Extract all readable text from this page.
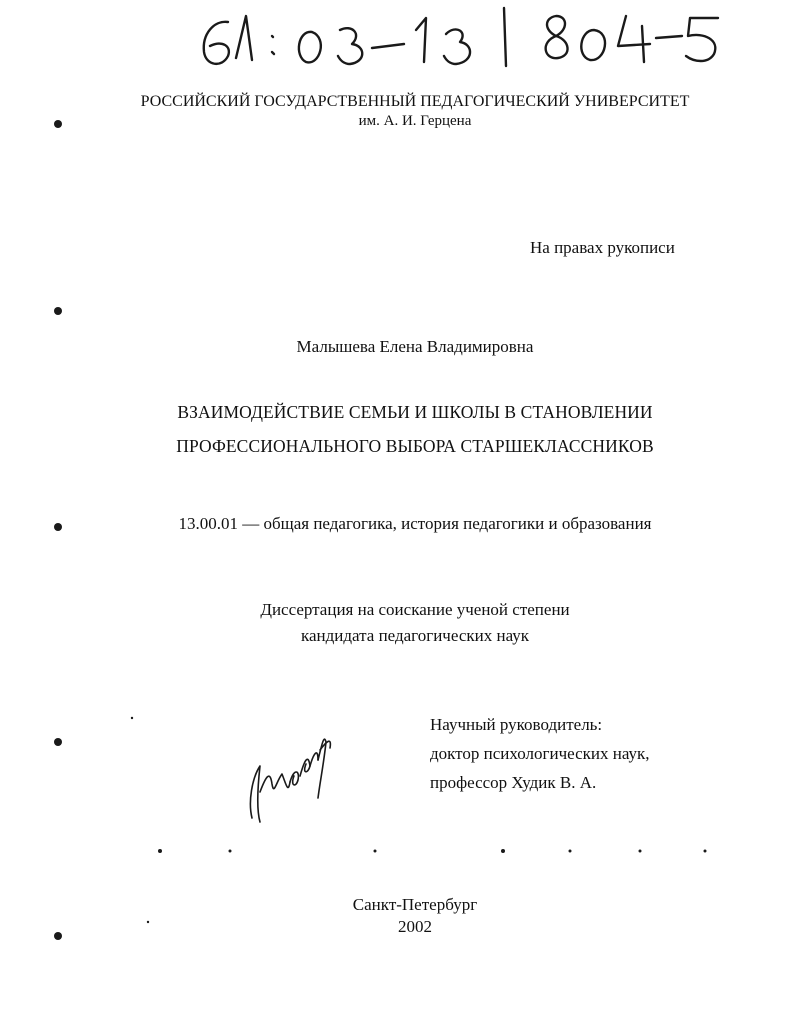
РОССИЙСКИЙ ГОСУДАРСТВЕННЫЙ ПЕДАГОГИЧЕСКИЙ УНИВЕРСИТЕТ
им. А. И. Герцена
На правах рукописи
Малышева Елена Владимировна
ВЗАИМОДЕЙСТВИЕ СЕМЬИ И ШКОЛЫ В СТАНОВЛЕНИИ
ПРОФЕССИОНАЛЬНОГО ВЫБОРА СТАРШЕКЛАССНИКОВ
13.00.01 — общая педагогика, история педагогики и образования
Диссертация на соискание ученой степени
кандидата педагогических наук
Научный руководитель:
доктор психологических наук,
профессор Худик В. А.
Санкт-Петербург
2002
